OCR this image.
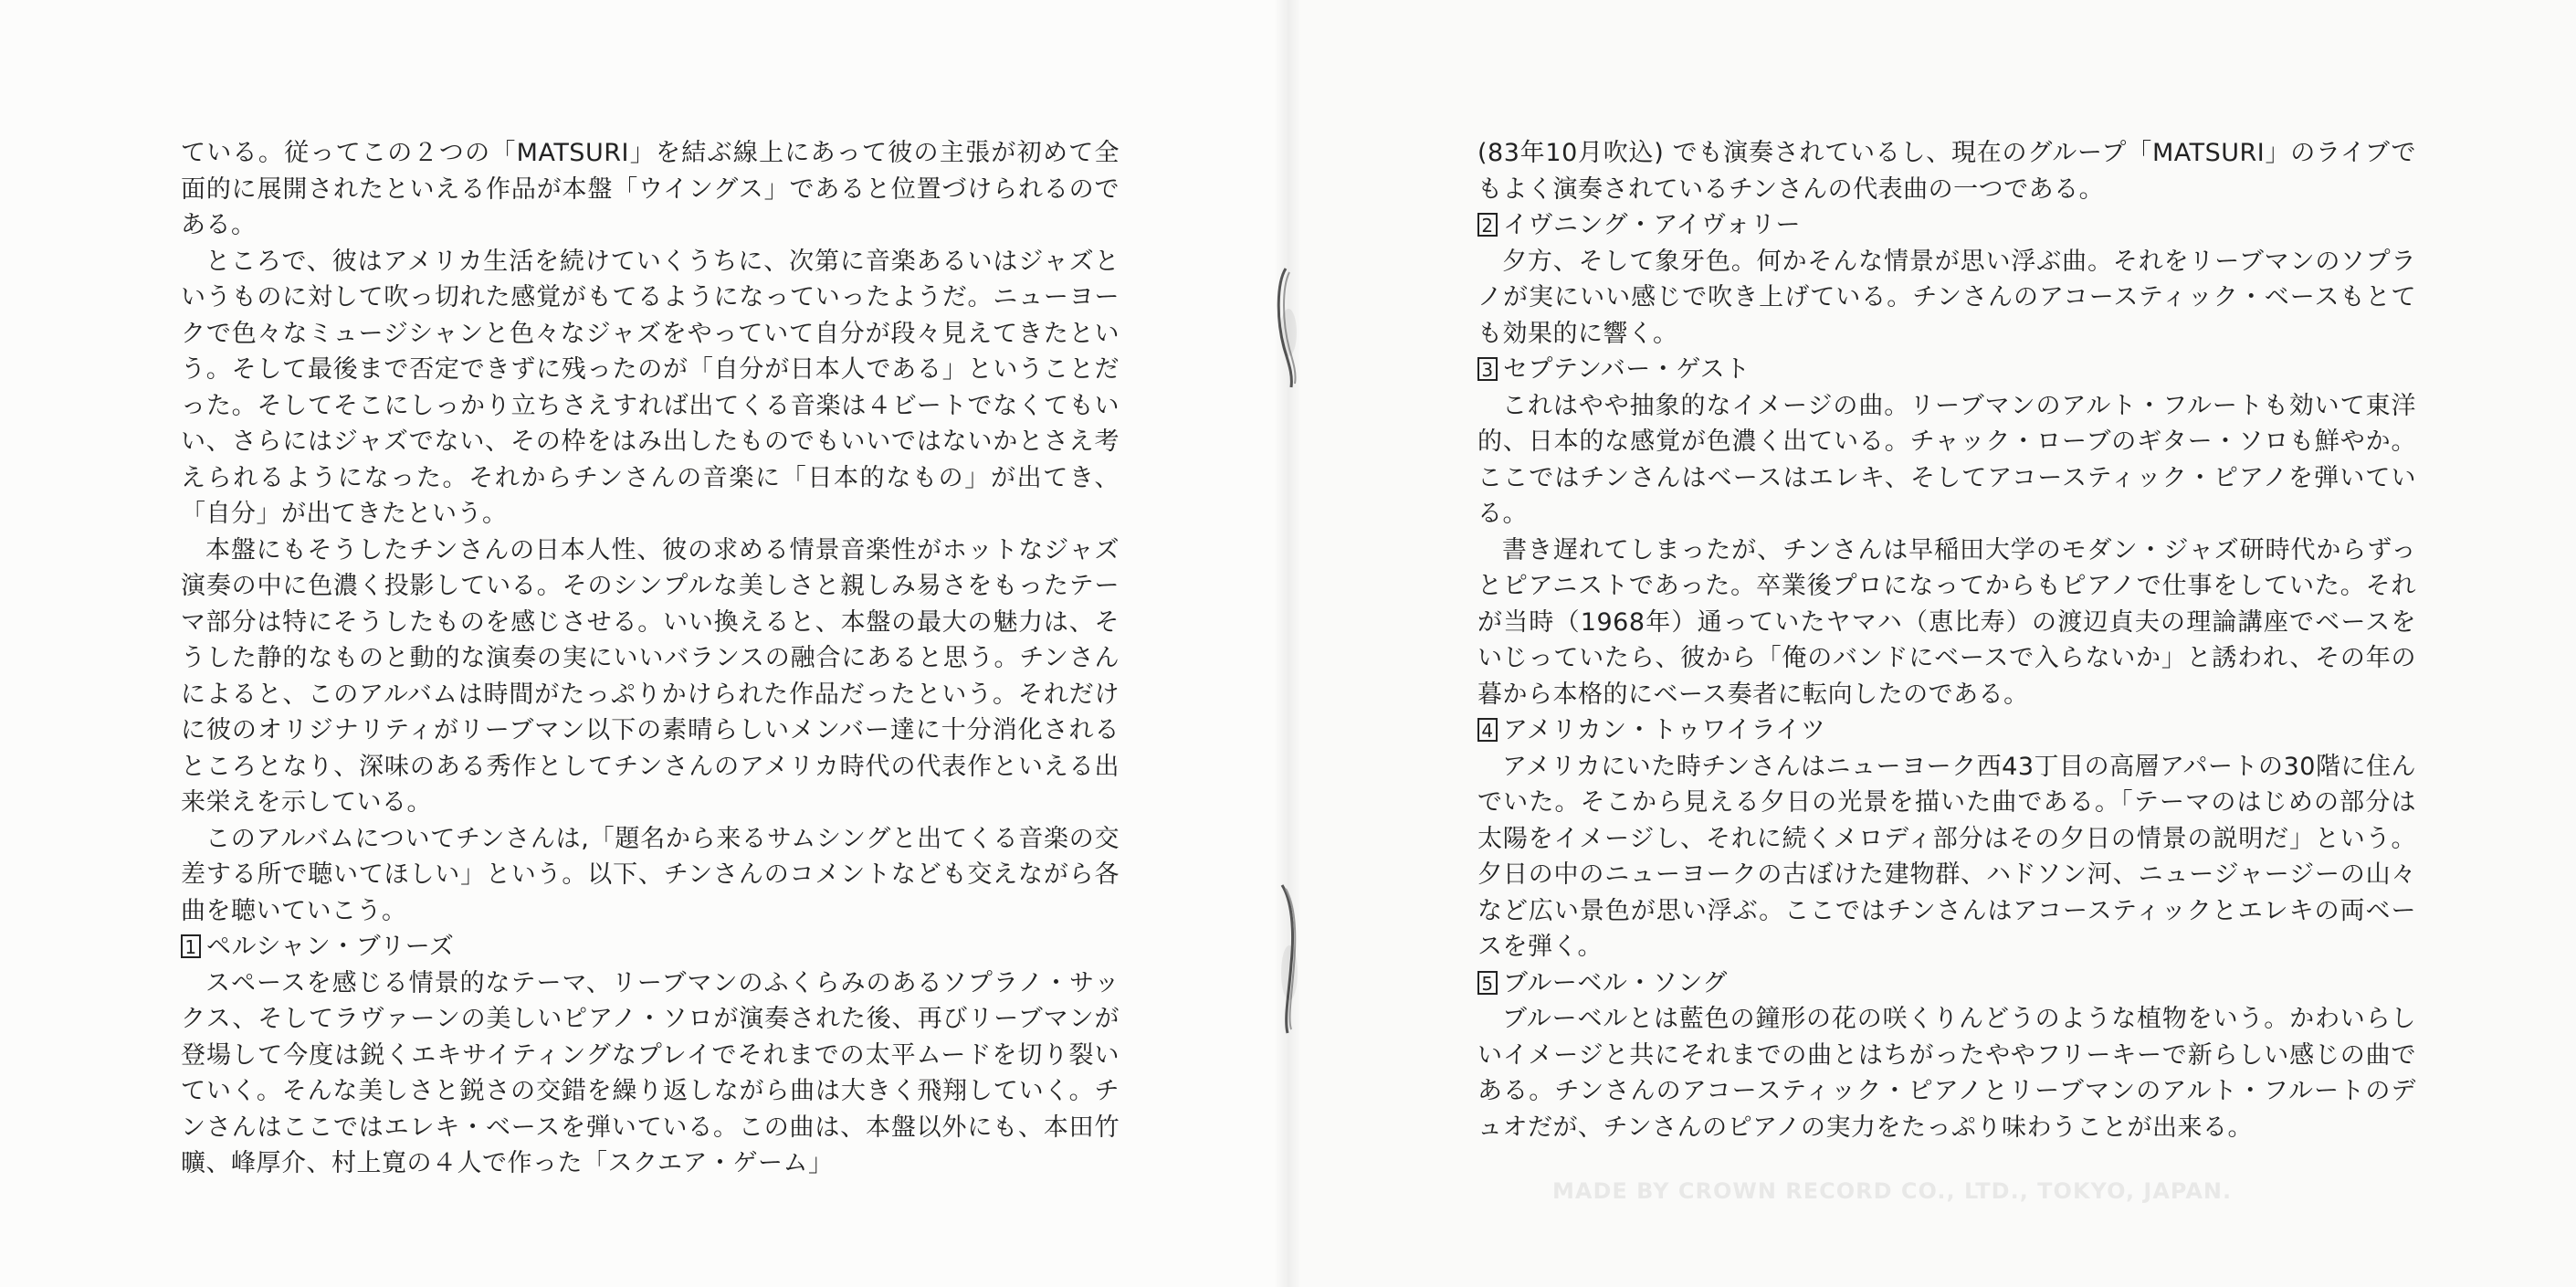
ている。従ってこの２つの「MATSURI」を結ぶ線上にあって彼の主張が初めて全面的に展開されたといえる作品が本盤「ウイングス」であると位置づけられるのである。

ところで、彼はアメリカ生活を続けていくうちに、次第に音楽あるいはジャズというものに対して吹っ切れた感覚がもてるようになっていったようだ。ニューヨークで色々なミュージシャンと色々なジャズをやっていて自分が段々見えてきたという。そして最後まで否定できずに残ったのが「自分が日本人である」ということだった。そしてそこにしっかり立ちさえすれば出てくる音楽は４ビートでなくてもいい、さらにはジャズでない、その枠をはみ出したものでもいいではないかとさえ考えられるようになった。それからチンさんの音楽に「日本的なもの」が出てき、「自分」が出てきたという。

本盤にもそうしたチンさんの日本人性、彼の求める情景音楽性がホットなジャズ演奏の中に色濃く投影している。そのシンプルな美しさと親しみ易さをもったテーマ部分は特にそうしたものを感じさせる。いい換えると、本盤の最大の魅力は、そうした静的なものと動的な演奏の実にいいバランスの融合にあると思う。チンさんによると、このアルバムは時間がたっぷりかけられた作品だったという。それだけに彼のオリジナリティがリーブマン以下の素晴らしいメンバー達に十分消化されるところとなり、深味のある秀作としてチンさんのアメリカ時代の代表作といえる出来栄えを示している。

このアルバムについてチンさんは,「題名から来るサムシングと出てくる音楽の交差する所で聴いてほしい」という。以下、チンさんのコメントなども交えながら各曲を聴いていこう。

1 ペルシャン・ブリーズ

スペースを感じる情景的なテーマ、リーブマンのふくらみのあるソプラノ・サックス、そしてラヴァーンの美しいピアノ・ソロが演奏された後、再びリーブマンが登場して今度は鋭くエキサイティングなプレイでそれまでの太平ムードを切り裂いていく。そんな美しさと鋭さの交錯を繰り返しながら曲は大きく飛翔していく。チンさんはここではエレキ・ベースを弾いている。この曲は、本盤以外にも、本田竹曠、峰厚介、村上寛の４人で作った「スクエア・ゲーム」

(83年10月吹込) でも演奏されているし、現在のグループ「MATSURI」のライブでもよく演奏されているチンさんの代表曲の一つである。

2 イヴニング・アイヴォリー

夕方、そして象牙色。何かそんな情景が思い浮ぶ曲。それをリーブマンのソプラノが実にいい感じで吹き上げている。チンさんのアコースティック・ベースもとても効果的に響く。

3 セプテンバー・ゲスト

これはやや抽象的なイメージの曲。リーブマンのアルト・フルートも効いて東洋的、日本的な感覚が色濃く出ている。チャック・ローブのギター・ソロも鮮やか。ここではチンさんはベースはエレキ、そしてアコースティック・ピアノを弾いている。

書き遅れてしまったが、チンさんは早稲田大学のモダン・ジャズ研時代からずっとピアニストであった。卒業後プロになってからもピアノで仕事をしていた。それが当時（1968年）通っていたヤマハ（恵比寿）の渡辺貞夫の理論講座でベースをいじっていたら、彼から「俺のバンドにベースで入らないか」と誘われ、その年の暮から本格的にベース奏者に転向したのである。

4 アメリカン・トゥワイライツ

アメリカにいた時チンさんはニューヨーク西43丁目の高層アパートの30階に住んでいた。そこから見える夕日の光景を描いた曲である。「テーマのはじめの部分は太陽をイメージし、それに続くメロディ部分はその夕日の情景の説明だ」という。夕日の中のニューヨークの古ぼけた建物群、ハドソン河、ニュージャージーの山々など広い景色が思い浮ぶ。ここではチンさんはアコースティックとエレキの両ベースを弾く。

5 ブルーベル・ソング

ブルーベルとは藍色の鐘形の花の咲くりんどうのような植物をいう。かわいらしいイメージと共にそれまでの曲とはちがったややフリーキーで新らしい感じの曲である。チンさんのアコースティック・ピアノとリーブマンのアルト・フルートのデュオだが、チンさんのピアノの実力をたっぷり味わうことが出来る。

MADE BY CROWN RECORD CO., LTD., TOKYO, JAPAN.
